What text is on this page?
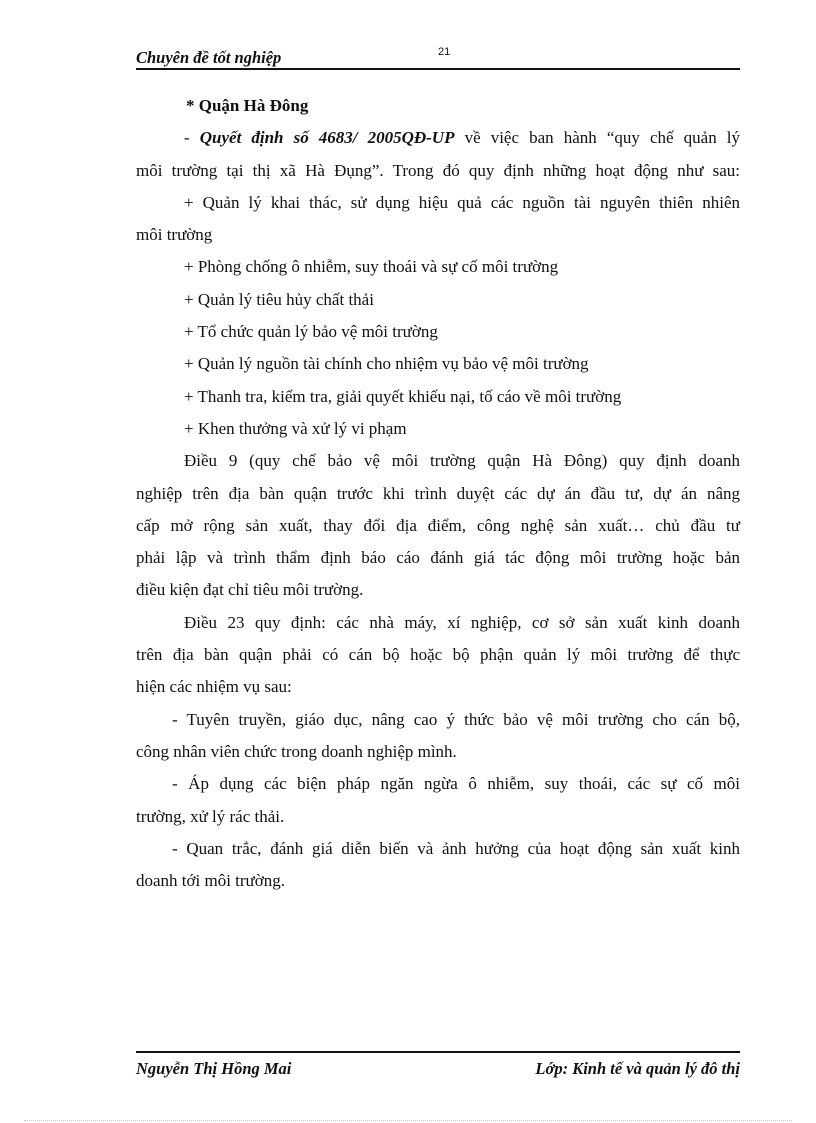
Chuyên đề tốt nghiệp	21
* Quận Hà Đông
- Quyết định số 4683/ 2005QĐ-UP về việc ban hành “quy chế quản lý
môi trường tại thị xã Hà Đụng”. Trong đó quy định những hoạt động như sau:
+ Quản lý khai thác, sử dụng hiệu quả các nguồn tài nguyên thiên nhiên
môi trường
+ Phòng chống ô nhiễm, suy thoái và sự cố môi trường
+ Quản lý tiêu hủy chất thải
+ Tổ chức quản lý bảo vệ môi trường
+ Quản lý nguồn tài chính cho nhiệm vụ bảo vệ môi trường
+ Thanh tra, kiểm tra, giải quyết khiếu nại, tố cáo về môi trường
+ Khen thưởng và xử lý vi phạm
Điều 9 (quy chế bảo vệ môi trường quận Hà Đông) quy định doanh
nghiệp trên địa bàn quận trước khi trình duyệt các dự án đầu tư, dự án nâng
cấp mở rộng sản xuất, thay đổi địa điểm, công nghệ sản xuất… chủ đầu tư
phải lập và trình thẩm định báo cáo đánh giá tác động môi trường hoặc bản
điều kiện đạt chỉ tiêu môi trường.
Điều 23 quy định: các nhà máy, xí nghiệp, cơ sở sản xuất kinh doanh
trên địa bàn quận phải có cán bộ hoặc bộ phận quản lý môi trường để thực
hiện các nhiệm vụ sau:
- Tuyên truyền, giáo dục, nâng cao ý thức bảo vệ môi trường cho cán bộ,
công nhân viên chức trong doanh nghiệp mình.
- Áp dụng các biện pháp ngăn ngừa ô nhiễm, suy thoái, các sự cố môi
trường, xử lý rác thải.
- Quan trắc, đánh giá diễn biến và ảnh hưởng của hoạt động sản xuất kinh
doanh tới môi trường.
Nguyễn Thị Hồng Mai	Lớp: Kinh tế và quản lý đô thị
